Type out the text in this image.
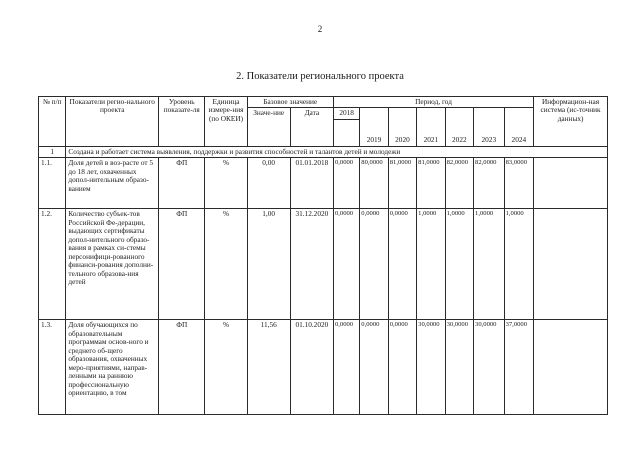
2
2. Показатели регионального проекта
№ п/п	Показатели регио-нального проекта	Уровень показате-ля	Единица измере-ния (по ОКЕИ)	Базовое значение		Период, год							Информацион-ная система (ис-точник данных)
				Значе-ние	Дата	2018	2019	2020	2021	2022	2023	2024	

1	Создана и работает система выявления, поддержки и развития способностей и талантов детей и молодежи												
1.1.	Доля детей в воз-расте от 5 до 18 лет, охваченных допол-нительным образо-ванием	ФП	%	0,00	01.01.2018	0,0000	80,0000	81,0000	81,0000	82,0000	82,0000	83,0000	
1.2.	Количество субъек-тов Российской Фе-дерации, выдающих сертификаты допол-нительного образо-вания в рамках си-стемы персонифици-рованного финанси-рования дополни-тельного образова-ния детей	ФП	%	1,00	31.12.2020	0,0000	0,0000	0,0000	1,0000	1,0000	1,0000	1,0000	
1.3.	Доля обучающихся по образовательным программам основ-ного и среднего об-щего образования, охваченных меро-приятиями, направ-ленными на раннюю профессиональную ориентацию, в том	ФП	%	11,56	01.10.2020	0,0000	0,0000	0,0000	30,0000	30,0000	30,0000	37,0000	
